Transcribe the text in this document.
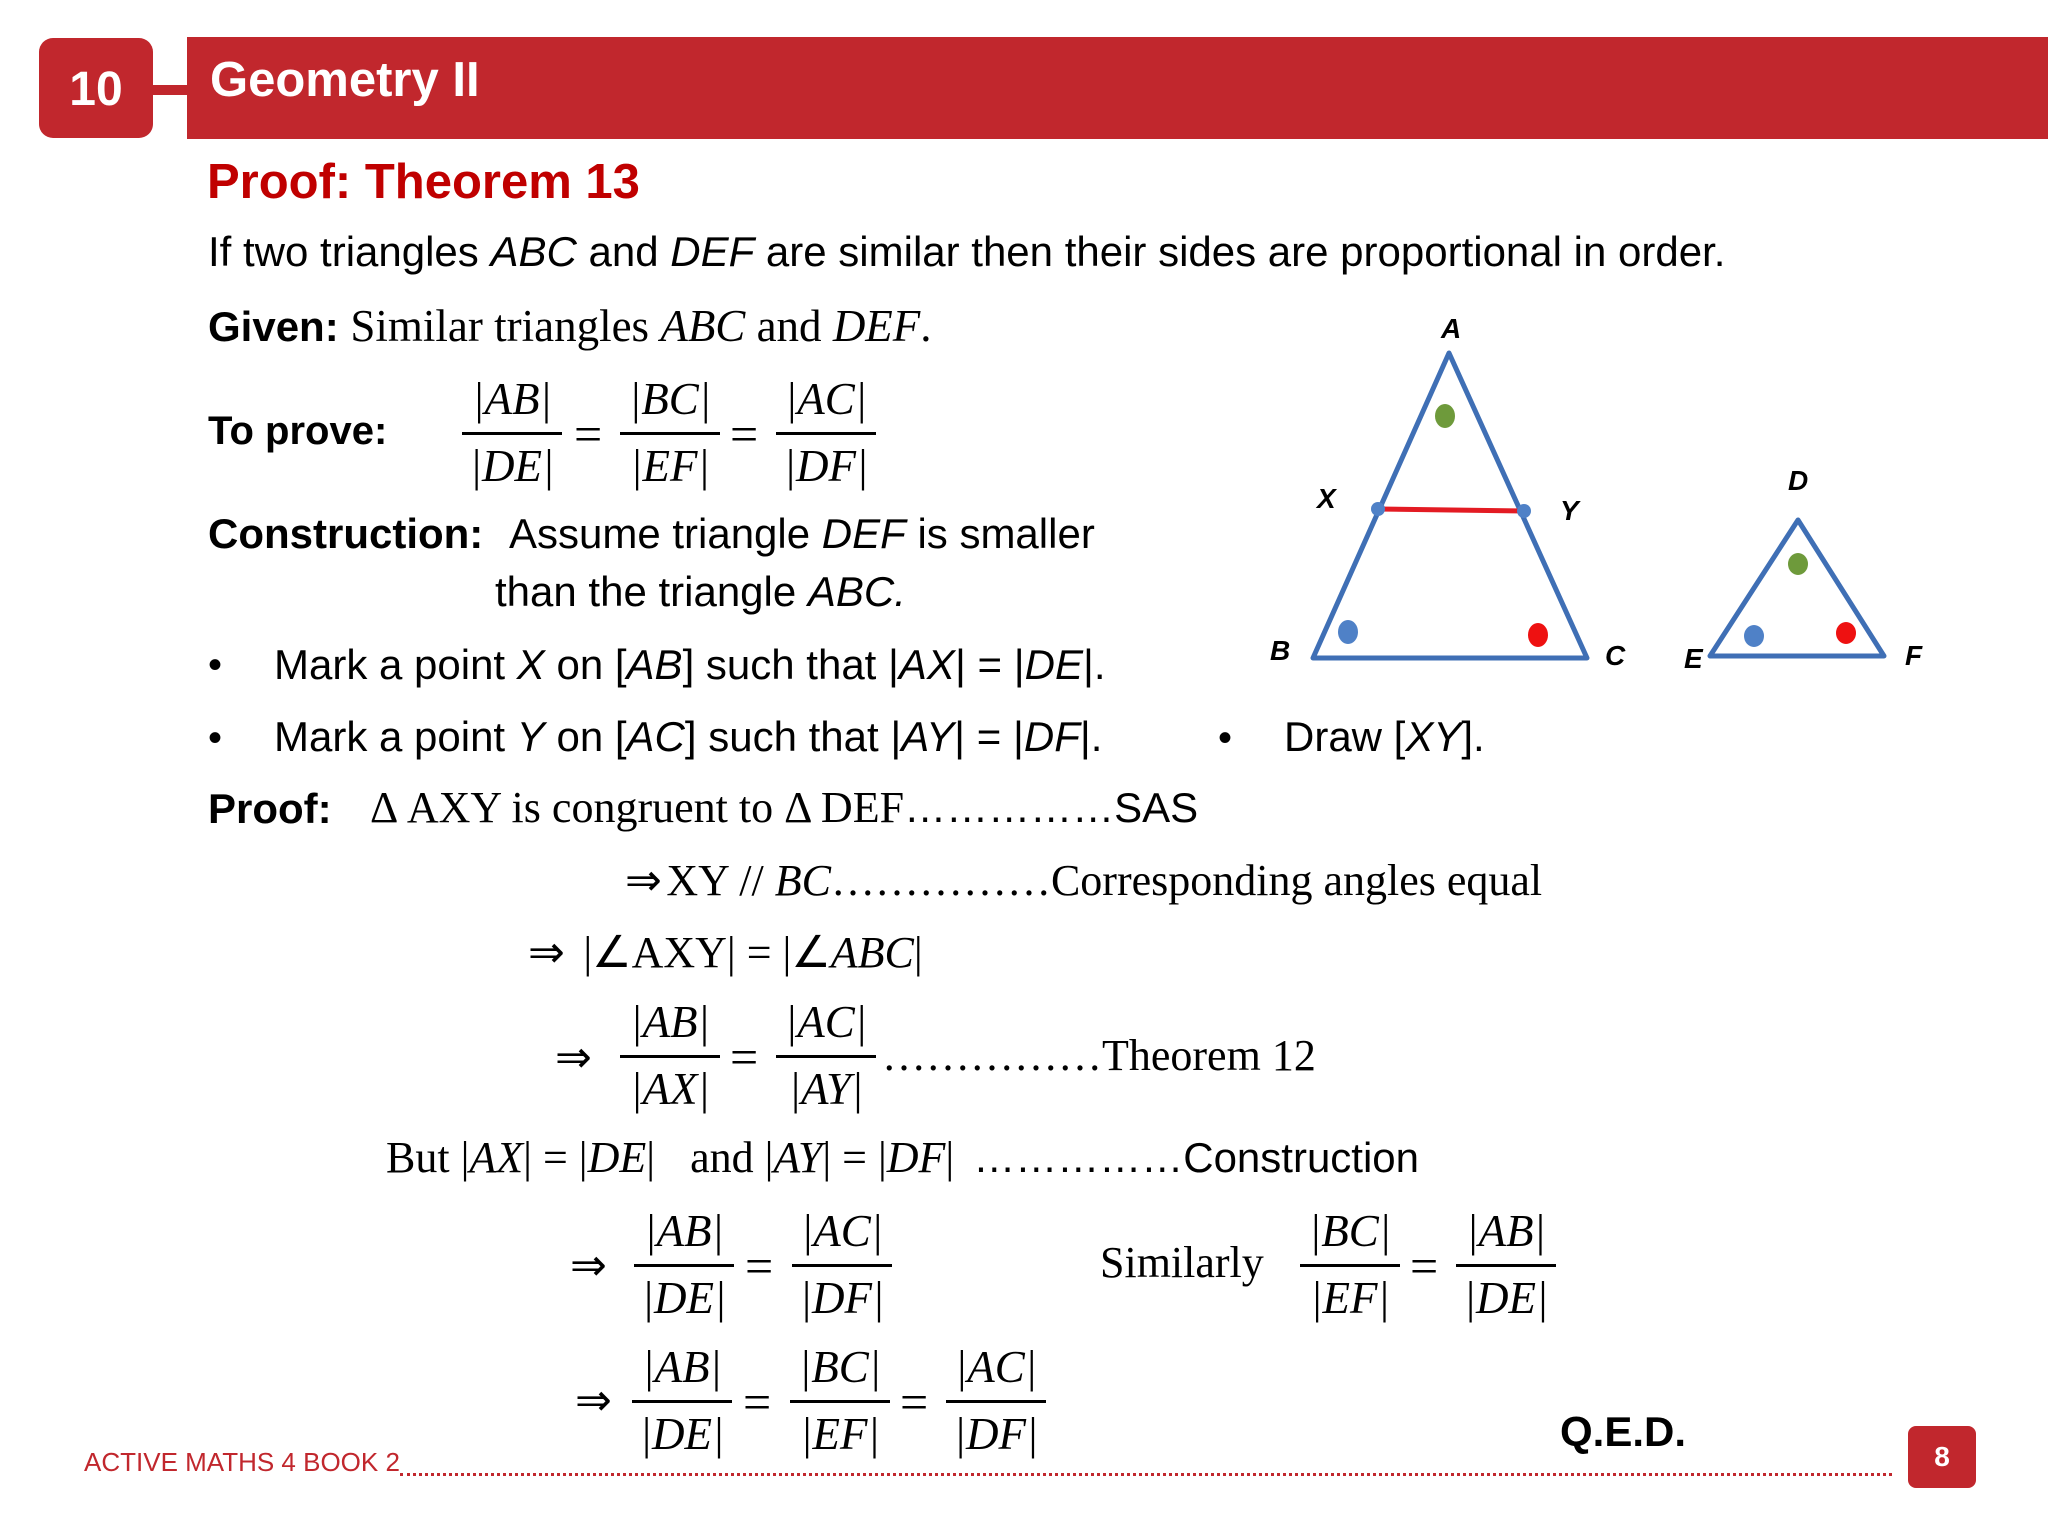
10	Geometry II
Proof: Theorem 13
If two triangles ABC and DEF are similar then their sides are proportional in order.
Given: Similar triangles ABC and DEF.
To prove:
|AB|
|DE|
=
|BC|
|EF|
=
|AC|
|DF|
Construction: Assume triangle DEF is smaller
than the triangle ABC.
• Mark a point X on [AB] such that |AX| = |DE|.
• Mark a point Y on [AC] such that |AY| = |DF|.	• Draw [XY].
Proof: Δ AXY is congruent to Δ DEF……………SAS
⇒ XY // BC……………Corresponding angles equal
⇒ |∠AXY| = |∠ABC|
⇒
|AB|
|AX|
=
|AC|
|AY|
……………Theorem 12
But |AX| = |DE| and |AY| = |DF| ……………Construction
⇒
|AB|
|DE|
=
|AC|
|DF|
Similarly
|BC|
|EF|
=
|AB|
|DE|
⇒
|AB|
|DE|
=
|BC|
|EF|
=
|AC|
|DF|	Q.E.D.
A
X	Y
B	C
D
E	F
ACTIVE MATHS 4 BOOK 2	8
